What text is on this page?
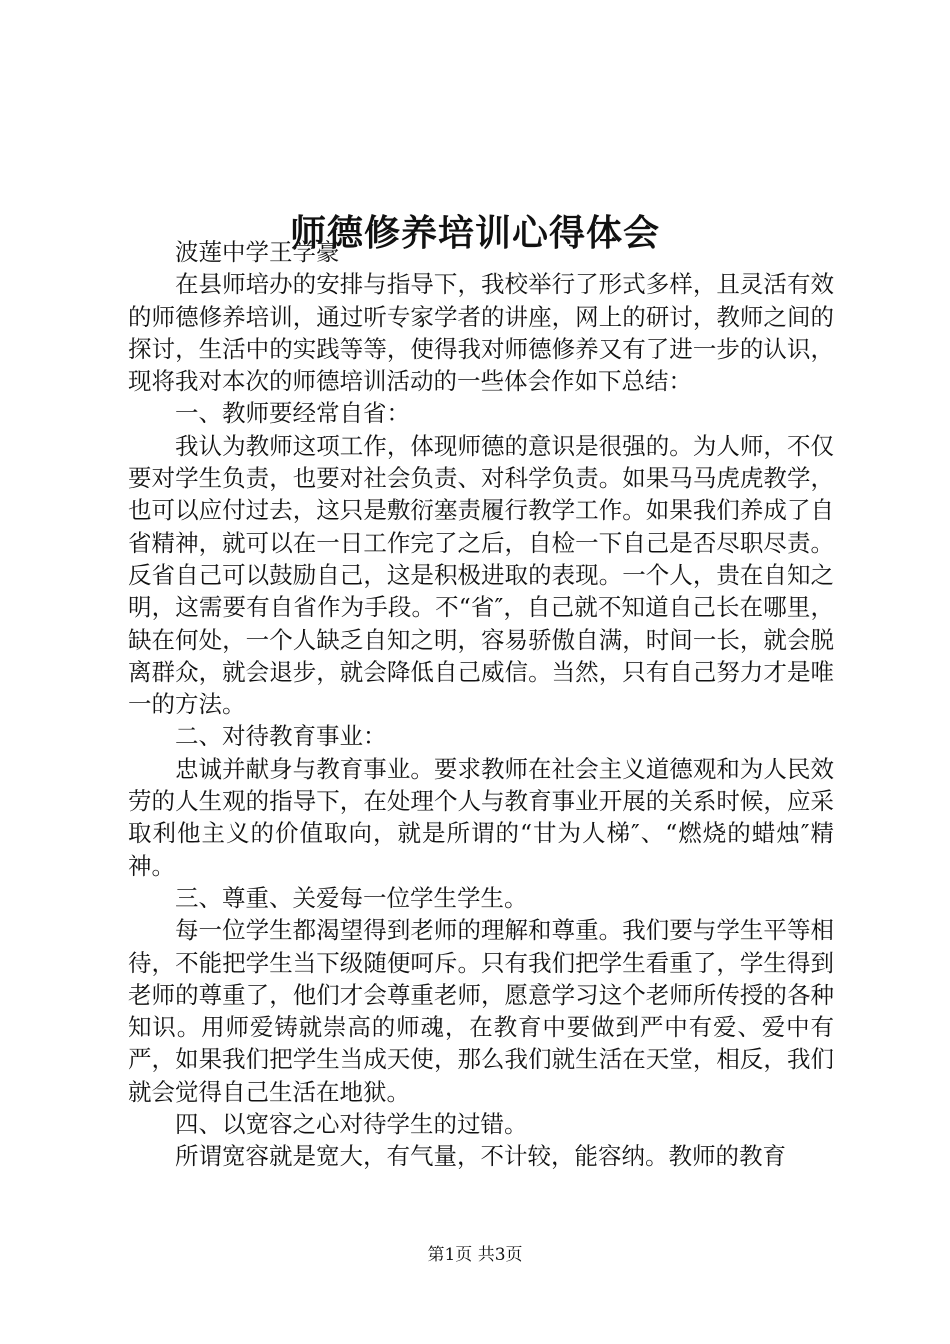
师德修养培训心得体会

波莲中学王学豪

在县师培办的安排与指导下，我校举行了形式多样，且灵活有效的师德修养培训，通过听专家学者的讲座，网上的研讨，教师之间的探讨，生活中的实践等等，使得我对师德修养又有了进一步的认识，现将我对本次的师德培训活动的一些体会作如下总结：

一、教师要经常自省：

我认为教师这项工作，体现师德的意识是很强的。为人师，不仅要对学生负责，也要对社会负责、对科学负责。如果马马虎虎教学，也可以应付过去，这只是敷衍塞责履行教学工作。如果我们养成了自省精神，就可以在一日工作完了之后，自检一下自己是否尽职尽责。反省自己可以鼓励自己，这是积极进取的表现。一个人，贵在自知之明，这需要有自省作为手段。不“省″，自己就不知道自己长在哪里，缺在何处，一个人缺乏自知之明，容易骄傲自满，时间一长，就会脱离群众，就会退步，就会降低自己威信。当然，只有自己努力才是唯一的方法。

二、对待教育事业：

忠诚并献身与教育事业。要求教师在社会主义道德观和为人民效劳的人生观的指导下，在处理个人与教育事业开展的关系时候，应采取利他主义的价值取向，就是所谓的“甘为人梯″、“燃烧的蜡烛″精神。

三、尊重、关爱每一位学生学生。

每一位学生都渴望得到老师的理解和尊重。我们要与学生平等相待，不能把学生当下级随便呵斥。只有我们把学生看重了，学生得到老师的尊重了，他们才会尊重老师，愿意学习这个老师所传授的各种知识。用师爱铸就崇高的师魂，在教育中要做到严中有爱、爱中有严，如果我们把学生当成天使，那么我们就生活在天堂，相反，我们就会觉得自己生活在地狱。

四、以宽容之心对待学生的过错。

所谓宽容就是宽大，有气量，不计较，能容纳。教师的教育

第1页 共3页
